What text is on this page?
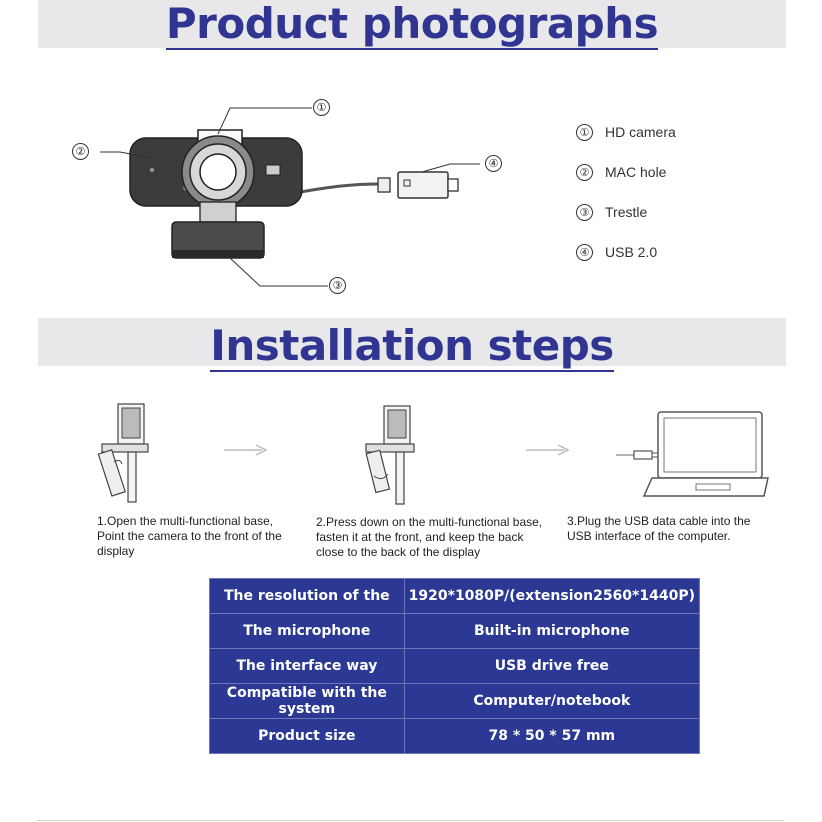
Product photographs
①
②
③
④
① HD camera
② MAC hole
③ Trestle
④ USB 2.0
Installation steps
1.Open the multi-functional base, Point the camera to the front of the display
2.Press down on the multi-functional base, fasten it at the front, and keep the back close to the back of the display
3.Plug the USB data cable into the USB interface of the computer.
The resolution of the	1920*1080P/(extension2560*1440P)
The microphone	Built-in microphone
The interface way	USB drive free
Compatible with the system	Computer/notebook
Product size	78 * 50 * 57 mm
